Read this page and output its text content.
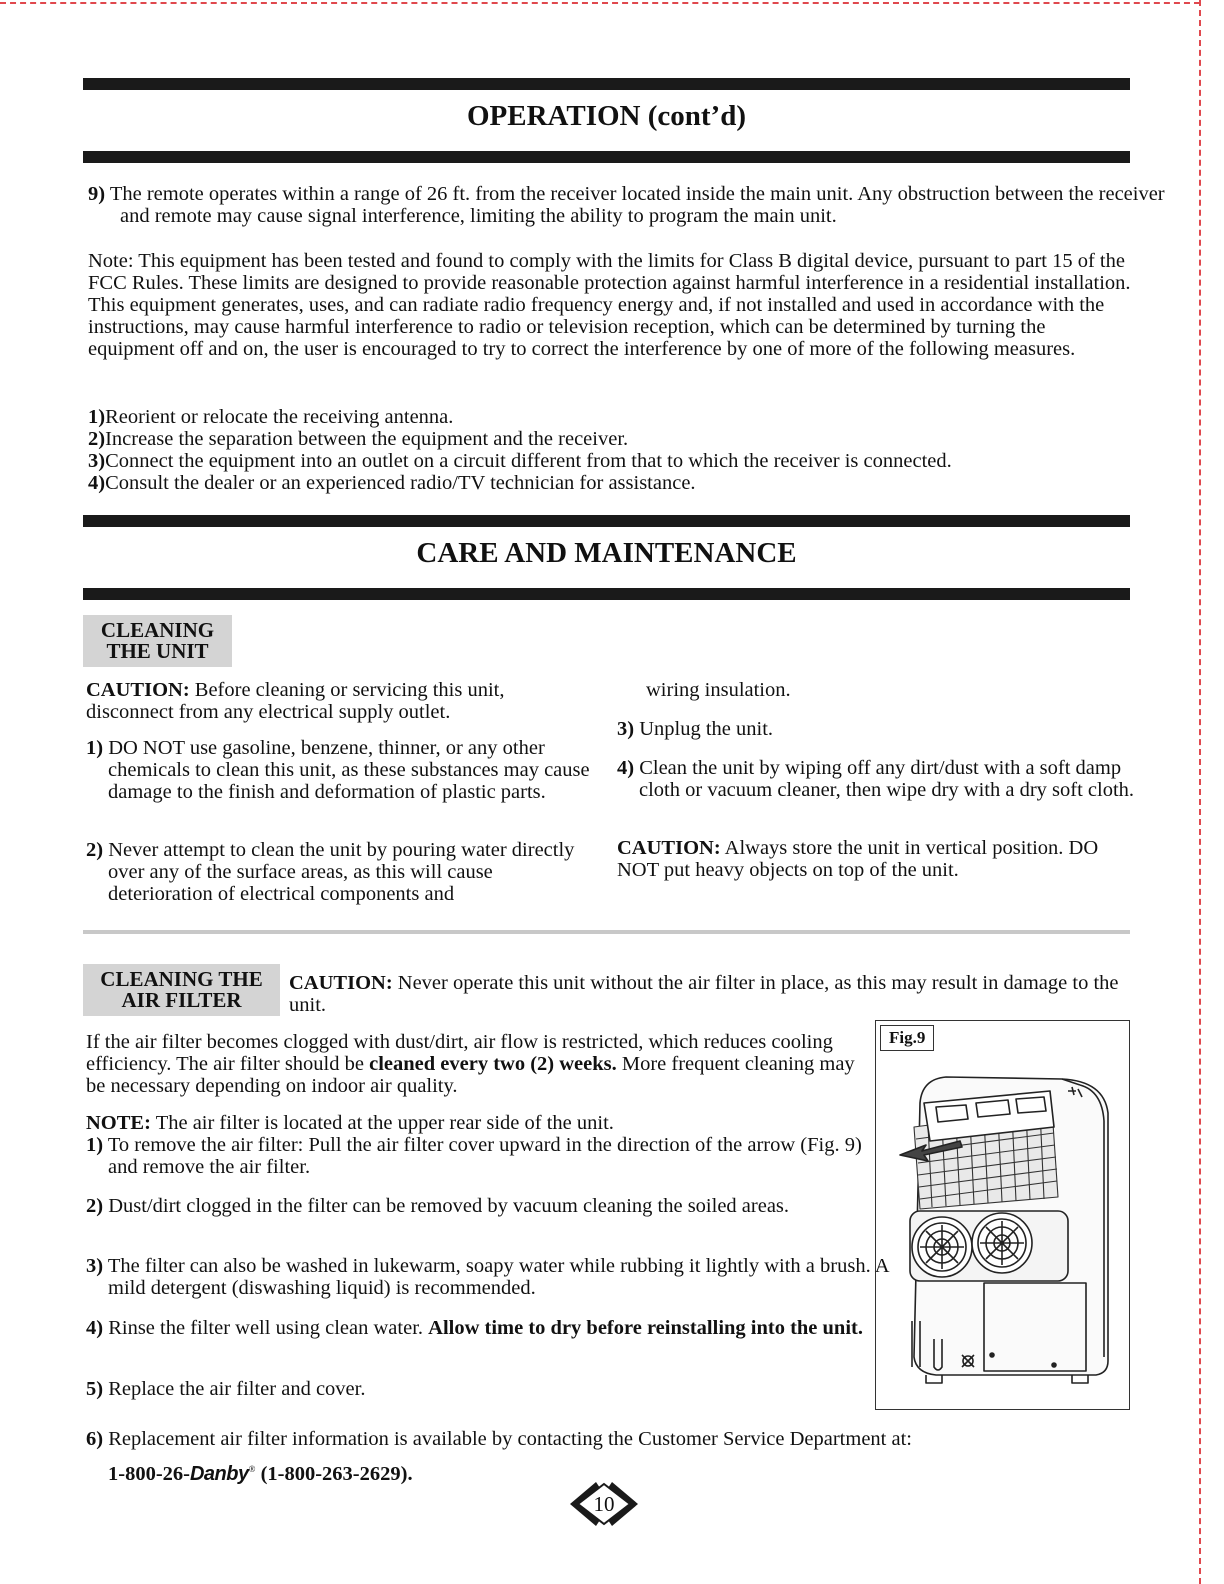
OPERATION (cont’d)

9) The remote operates within a range of 26 ft. from the receiver located inside the main unit. Any obstruction between the receiver and remote may cause signal interference, limiting the ability to program the main unit.

Note: This equipment has been tested and found to comply with the limits for Class B digital device, pursuant to part 15 of the FCC Rules. These limits are designed to provide reasonable protection against harmful interference in a residential installation. This equipment generates, uses, and can radiate radio frequency energy and, if not installed and used in accordance with the instructions, may cause harmful interference to radio or television reception, which can be determined by turning the equipment off and on, the user is encouraged to try to correct the interference by one of more of the following measures.

1)Reorient or relocate the receiving antenna.

2)Increase the separation between the equipment and the receiver.

3)Connect the equipment into an outlet on a circuit different from that to which the receiver is connected.

4)Consult the dealer or an experienced radio/TV technician for assistance.

CARE AND MAINTENANCE
CLEANING
THE UNIT

CAUTION: Before cleaning or servicing this unit, disconnect from any electrical supply outlet.

1) DO NOT use gasoline, benzene, thinner, or any other chemicals to clean this unit, as these substances may cause damage to the finish and deformation of plastic parts.

2) Never attempt to clean the unit by pouring water directly over any of the surface areas, as this will cause deterioration of electrical components and

wiring insulation.

3) Unplug the unit.

4) Clean the unit by wiping off any dirt/dust with a soft damp cloth or vacuum cleaner, then wipe dry with a dry soft cloth.

CAUTION: Always store the unit in vertical position. DO NOT put heavy objects on top of the unit.

CLEANING THE
AIR FILTER

CAUTION: Never operate this unit without the air filter in place, as this may result in damage to the unit.

If the air filter becomes clogged with dust/dirt, air flow is restricted, which reduces cooling efficiency. The air filter should be cleaned every two (2) weeks. More frequent cleaning may be necessary depending on indoor air quality.

NOTE: The air filter is located at the upper rear side of the unit.

1) To remove the air filter: Pull the air filter cover upward in the direction of the arrow (Fig. 9) and remove the air filter.

2) Dust/dirt clogged in the filter can be removed by vacuum cleaning the soiled areas.

3) The filter can also be washed in lukewarm, soapy water while rubbing it lightly with a brush. A mild detergent (diswashing liquid) is recommended.

4) Rinse the filter well using clean water. Allow time to dry before reinstalling into the unit.

5) Replace the air filter and cover.

6) Replacement air filter information is available by contacting the Customer Service Department at: 1-800-26-Danby® (1-800-263-2629).

Fig.9
10
